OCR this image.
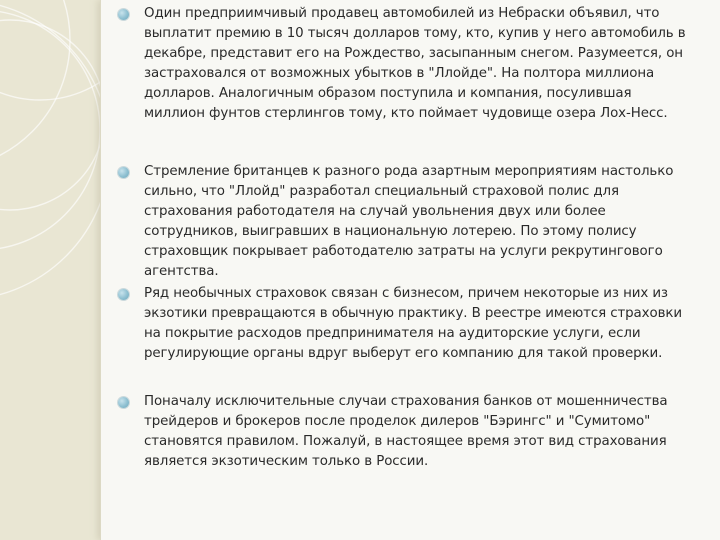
Один предприимчивый продавец автомобилей из Небраски объявил, что выплатит премию в 10 тысяч долларов тому, кто, купив у него автомобиль в декабре, представит его на Рождество, засыпанным снегом. Разумеется, он застраховался от возможных убытков в "Ллойде". На полтора миллиона долларов. Аналогичным образом поступила и компания, посулившая миллион фунтов стерлингов тому, кто поймает чудовище озера Лох-Несс.
Стремление британцев к разного рода азартным мероприятиям настолько сильно, что "Ллойд" разработал специальный страховой полис для страхования работодателя на случай увольнения двух или более сотрудников, выигравших в национальную лотерею. По этому полису страховщик покрывает работодателю затраты на услуги рекрутингового агентства.
Ряд необычных страховок связан с бизнесом, причем некоторые из них из экзотики превращаются в обычную практику. В реестре имеются страховки на покрытие расходов предпринимателя на аудиторские услуги, если регулирующие органы вдруг выберут его компанию для такой проверки.
Поначалу исключительные случаи страхования банков от мошенничества трейдеров и брокеров после проделок дилеров "Бэрингс" и "Сумитомо" становятся правилом. Пожалуй, в настоящее время этот вид страхования является экзотическим только в России.
